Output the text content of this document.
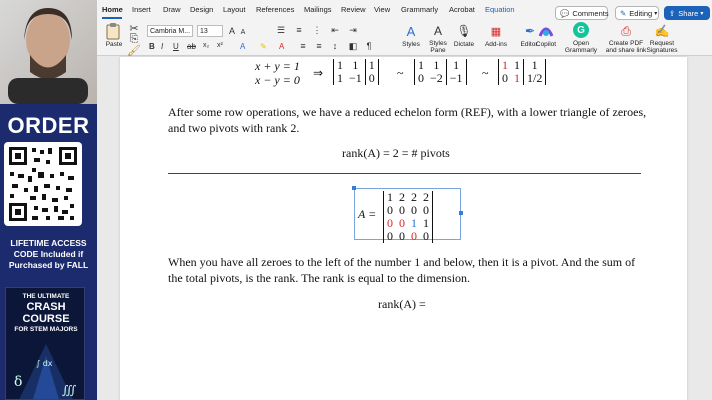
ORDER
LIFETIME ACCESS
CODE Included if
Purchased by FALL
THE ULTIMATE
CRASH COURSE
FOR STEM MAJORS
δ	∭
∫ dx
Home Insert Draw Design Layout References Mailings Review View Grammarly Acrobat Equation	💬 Comments ✎ Editing ▾ ⇪ Share ▾
Paste
✂
⎘
🖌
Cambria M... 13 A A
B I U ab x₂ x² A ✎ A
☰	≡	⋮ ⇤ ⇥
≡	≡	↕	◧	¶
A
Styles
A
Styles
Pane
🎙
Dictate
▦
Add-ins
✒
Editor
Copilot
G
Open
Grammarly
⎙
Create PDF
and share link
✍
Request
Signatures
x + y = 1
x − y = 0 ⇒
1	1	1
1	−1	0 ~
1	1	1
0	−2	−1 ~
1	1	1
0	1	1/2
After some row operations, we have a reduced echelon form (REF), with a lower triangle of zeroes, and two pivots with rank 2.
rank(A) = 2 = # pivots
A =
1	2	2	2
0	0	0	0
0	0	1	1
0	0	0	0
When you have all zeroes to the left of the number 1 and below, then it is a pivot. And the sum of the total pivots, is the rank. The rank is equal to the dimension.
rank(A) =
